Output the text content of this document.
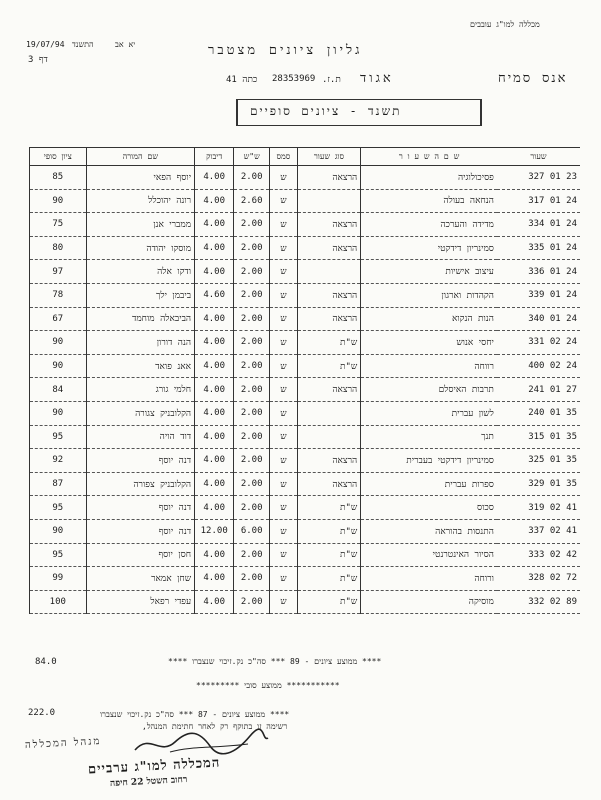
מכללה למו"ג עובבים
19/07/94 התשנד	יא אב
דף 3
גליון ציונים מצטבר
אנס סמיח
אגוד
28353969 ת.ז.
כתה 41
תשנד - ציונים סופיים
שעור	ש ם ה ש ע ו ר	סוג שעור	סמס	ש"ש	דיבוק	שם המורה	ציון סופי
23 01 327	פסיכולוגיה	הרצאה	ש	2.00	4.00	יוסף הפאי	85
24 01 317	הנחאה בעולה		ש	2.60	4.00	רונה יהוכלל	90
24 01 334	מדידה והערכה	הרצאה	ש	2.00	4.00	ממברי אנן	75
24 01 335	סמינריון דידקטי	הרצאה	ש	2.00	4.00	מוסקו יהודה	80
24 01 336	עיצוב אישיות		ש	2.00	4.00	ודקו אלה	97
24 01 339	הקהדות וארגון	הרצאה	ש	2.00	4.60	ביבמן ילך	78
24 01 340	הנות הנקוא	הרצאה	ש	2.00	4.00	הביבאלה מוחמד	67
24 02 331	יחסי אנוש	ש"ת	ש	2.00	4.00	הנה דורון	90
24 02 400	רווחה	ש"ת	ש	2.00	4.00	אאנ פואד	90
27 01 241	תרבות האיסלם	הרצאה	ש	2.00	4.00	חלמי גורג	84
35 01 240	לשון עברית		ש	2.00	4.00	הקלובניק צגורה	90
35 01 315	תנך		ש	2.00	4.00	דוד הויה	95
35 01 325	סמינריון דידקטי בעברית	הרצאה	ש	2.00	4.00	דנה יוסף	92
35 01 329	ספרות עברית	הרצאה	ש	2.00	4.00	הקלובניק צפורה	87
41 02 319	סכוס	ש"ת	ש	2.00	4.00	דנה יוסף	95
41 02 337	התנסות בהוראה	ש"ת	ש	6.00	12.00	דנה יוסף	90
42 02 333	הסיור האינטרנטי	ש"ת	ש	2.00	4.00	חסן יוסף	95
72 02 328	ורוחה	ש"ת	ש	2.00	4.00	שחן אמאר	99
89 02 332	מוסיקה	ש"ת	ש	2.00	4.00	עפדי רפאל	100
**** ממוצע ציונים - 89 *** סה"כ נק.זיכוי שנצברו ****
84.0
*********** ממוצע סובי *********
**** ממוצע ציונים - 87 *** סה"כ נק.זיכוי שנצברו
222.0
רשימה זו בתוקף רק לאחר חתימת המנהל,
מנהל המכללה
המכללה למו"ג ערביים
רחוב השטל 22 חיפה
